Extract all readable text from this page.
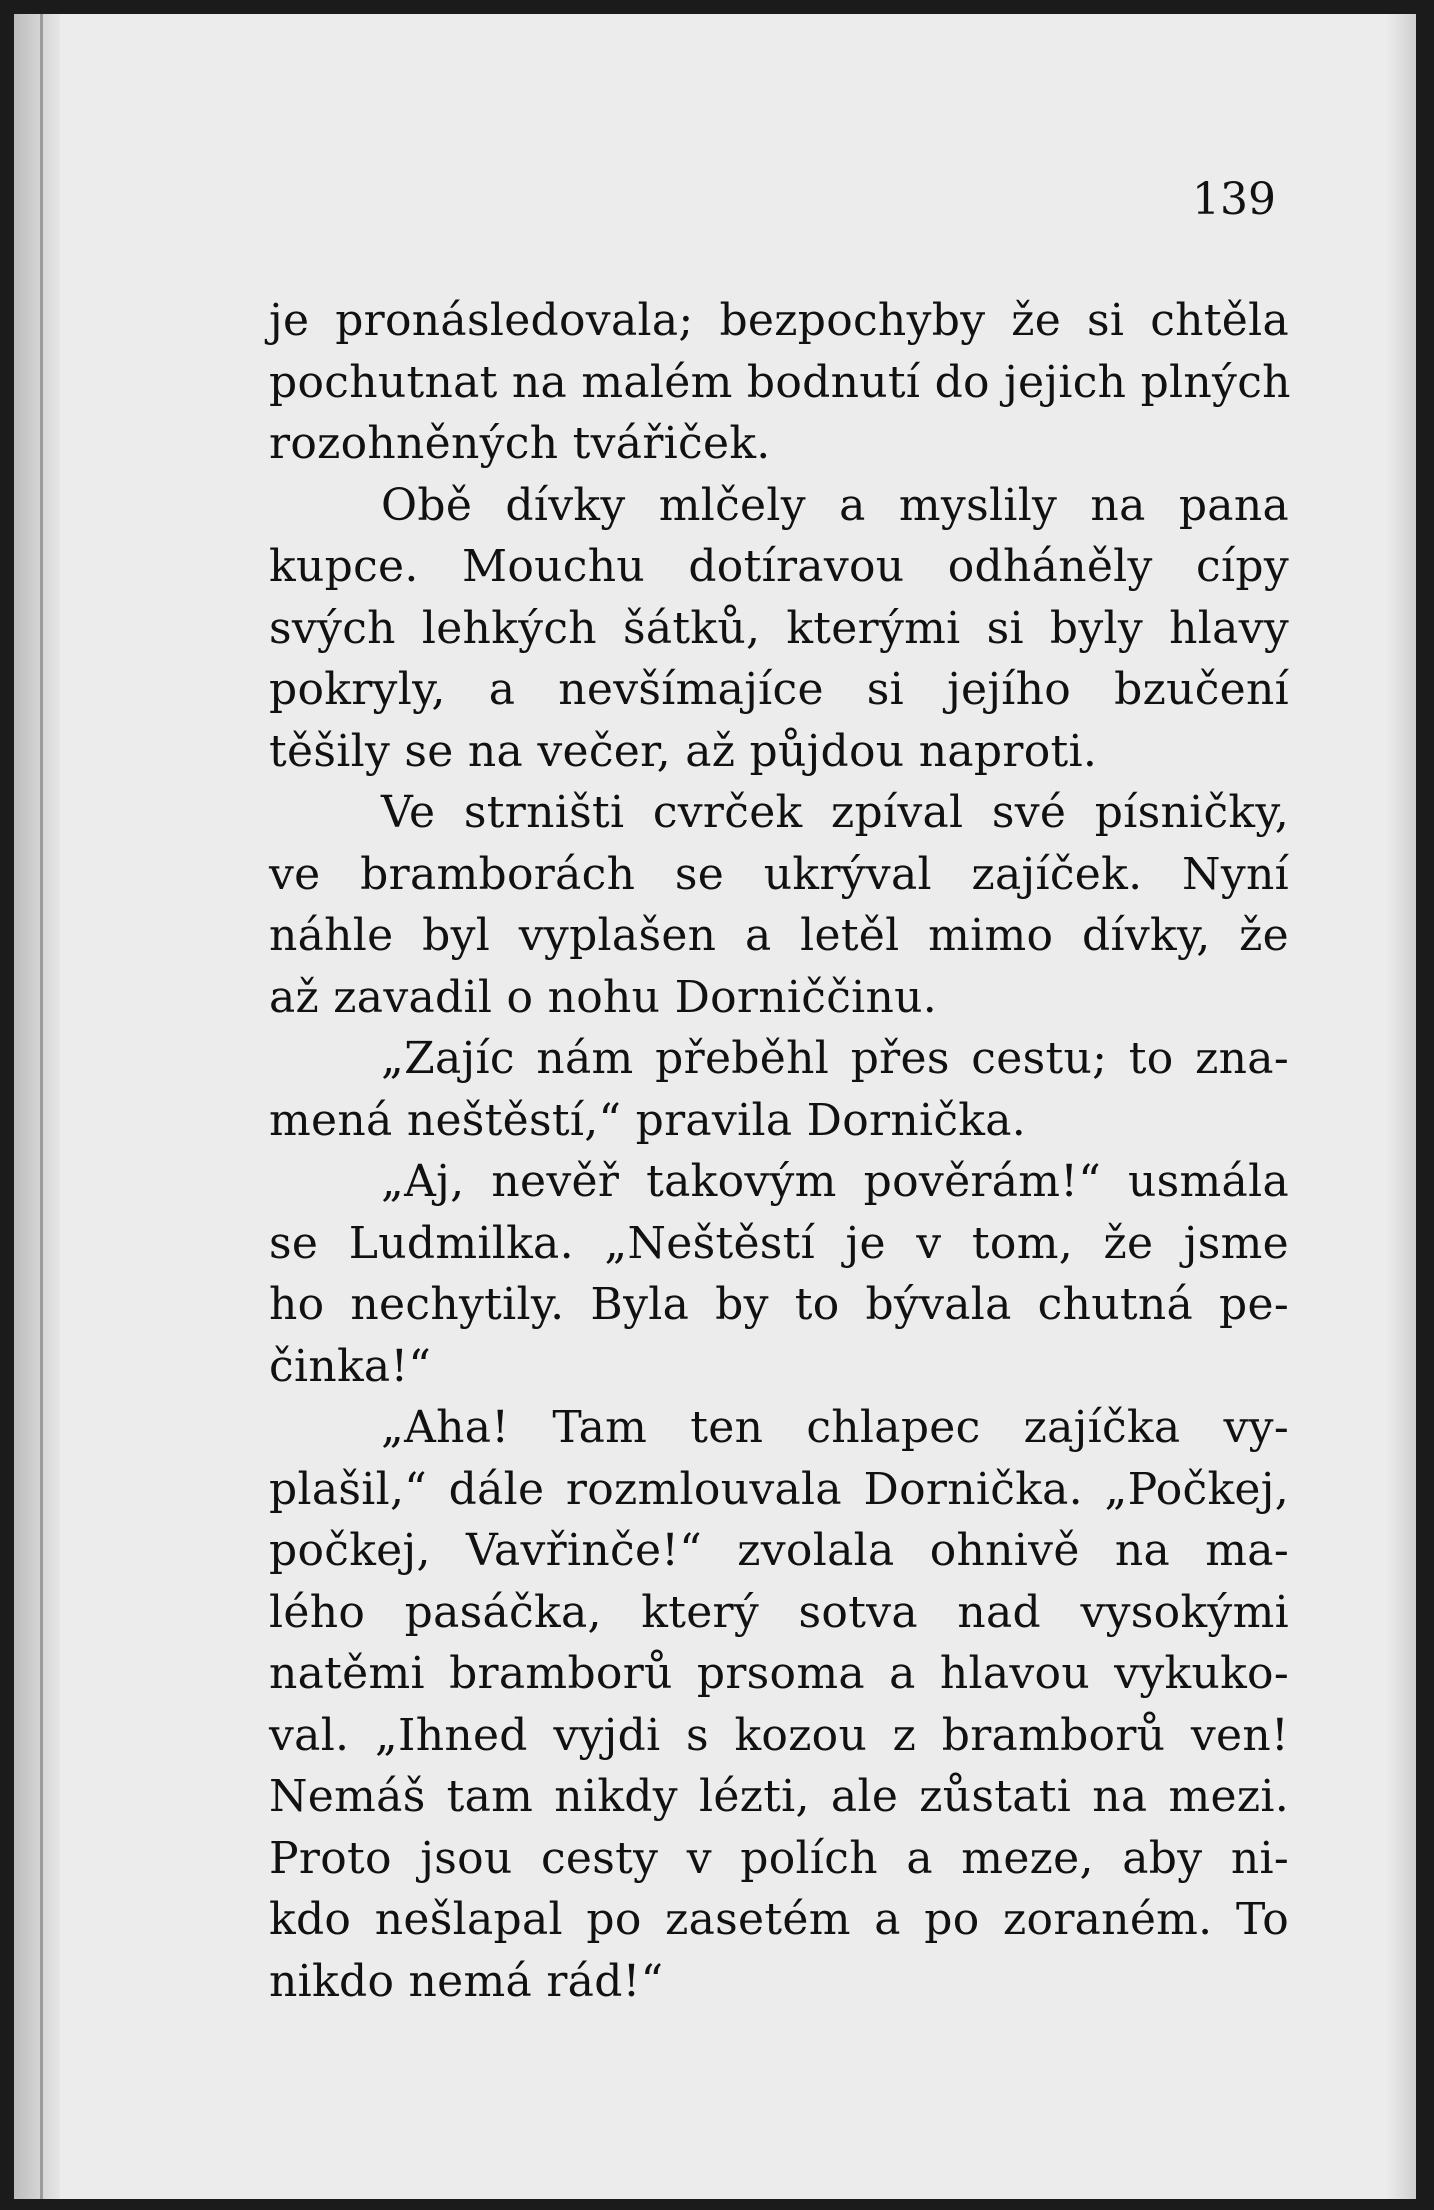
139

je pronásledovala; bezpochyby že si chtěla
pochutnat na malém bodnutí do jejich plných
rozohněných tvářiček.
Obě dívky mlčely a myslily na pana
kupce. Mouchu dotíravou odháněly cípy
svých lehkých šátků, kterými si byly hlavy
pokryly, a nevšímajíce si jejího bzučení
těšily se na večer, až půjdou naproti.
Ve strništi cvrček zpíval své písničky,
ve bramborách se ukrýval zajíček. Nyní
náhle byl vyplašen a letěl mimo dívky, že
až zavadil o nohu Dorniččinu.
„Zajíc nám přeběhl přes cestu; to zna-
mená neštěstí,“ pravila Dornička.
„Aj, nevěř takovým pověrám!“ usmála
se Ludmilka. „Neštěstí je v tom, že jsme
ho nechytily. Byla by to bývala chutná pe-
činka!“
„Aha! Tam ten chlapec zajíčka vy-
plašil,“ dále rozmlouvala Dornička. „Počkej,
počkej, Vavřinče!“ zvolala ohnivě na ma-
lého pasáčka, který sotva nad vysokými
natěmi bramborů prsoma a hlavou vykuko-
val. „Ihned vyjdi s kozou z bramborů ven!
Nemáš tam nikdy lézti, ale zůstati na mezi.
Proto jsou cesty v polích a meze, aby ni-
kdo nešlapal po zasetém a po zoraném. To
nikdo nemá rád!“
